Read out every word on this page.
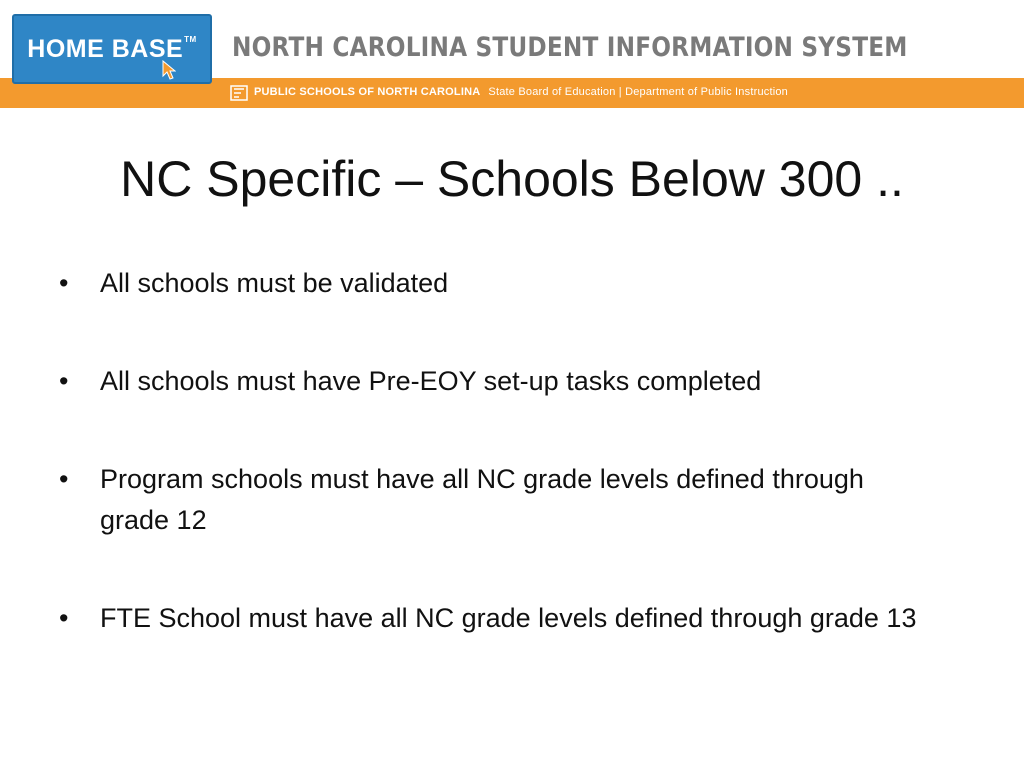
HOME BASE™ NORTH CAROLINA STUDENT INFORMATION SYSTEM
PUBLIC SCHOOLS OF NORTH CAROLINA State Board of Education | Department of Public Instruction
NC Specific – Schools Below 300 ..
• All schools must be validated
• All schools must have Pre-EOY set-up tasks completed
• Program schools must have all NC grade levels defined through grade 12
• FTE School must have all NC grade levels defined through grade 13
